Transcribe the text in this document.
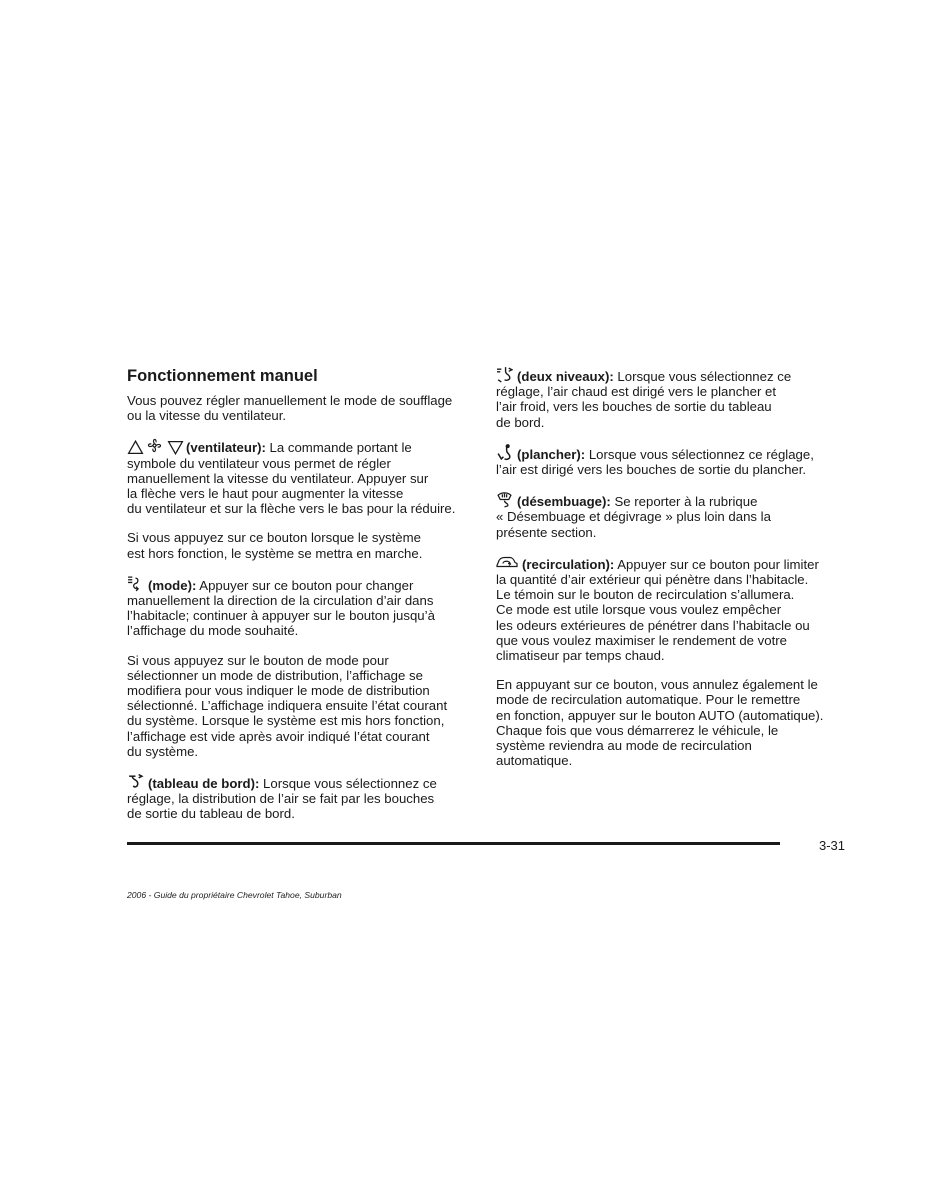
Fonctionnement manuel

Vous pouvez régler manuellement le mode de soufflage
ou la vitesse du ventilateur.

(ventilateur): La commande portant le
symbole du ventilateur vous permet de régler
manuellement la vitesse du ventilateur. Appuyer sur
la flèche vers le haut pour augmenter la vitesse
du ventilateur et sur la flèche vers le bas pour la réduire.

Si vous appuyez sur ce bouton lorsque le système
est hors fonction, le système se mettra en marche.

(mode): Appuyer sur ce bouton pour changer
manuellement la direction de la circulation d’air dans
l’habitacle; continuer à appuyer sur le bouton jusqu’à
l’affichage du mode souhaité.

Si vous appuyez sur le bouton de mode pour
sélectionner un mode de distribution, l’affichage se
modifiera pour vous indiquer le mode de distribution
sélectionné. L’affichage indiquera ensuite l’état courant
du système. Lorsque le système est mis hors fonction,
l’affichage est vide après avoir indiqué l’état courant
du système.

(tableau de bord): Lorsque vous sélectionnez ce
réglage, la distribution de l’air se fait par les bouches
de sortie du tableau de bord.

(deux niveaux): Lorsque vous sélectionnez ce
réglage, l’air chaud est dirigé vers le plancher et
l’air froid, vers les bouches de sortie du tableau
de bord.

(plancher): Lorsque vous sélectionnez ce réglage,
l’air est dirigé vers les bouches de sortie du plancher.

(désembuage): Se reporter à la rubrique
« Désembuage et dégivrage » plus loin dans la
présente section.

(recirculation): Appuyer sur ce bouton pour limiter
la quantité d’air extérieur qui pénètre dans l’habitacle.
Le témoin sur le bouton de recirculation s’allumera.
Ce mode est utile lorsque vous voulez empêcher
les odeurs extérieures de pénétrer dans l’habitacle ou
que vous voulez maximiser le rendement de votre
climatiseur par temps chaud.

En appuyant sur ce bouton, vous annulez également le
mode de recirculation automatique. Pour le remettre
en fonction, appuyer sur le bouton AUTO (automatique).
Chaque fois que vous démarrerez le véhicule, le
système reviendra au mode de recirculation
automatique.

3-31
2006 - Guide du propriétaire Chevrolet Tahoe, Suburban
